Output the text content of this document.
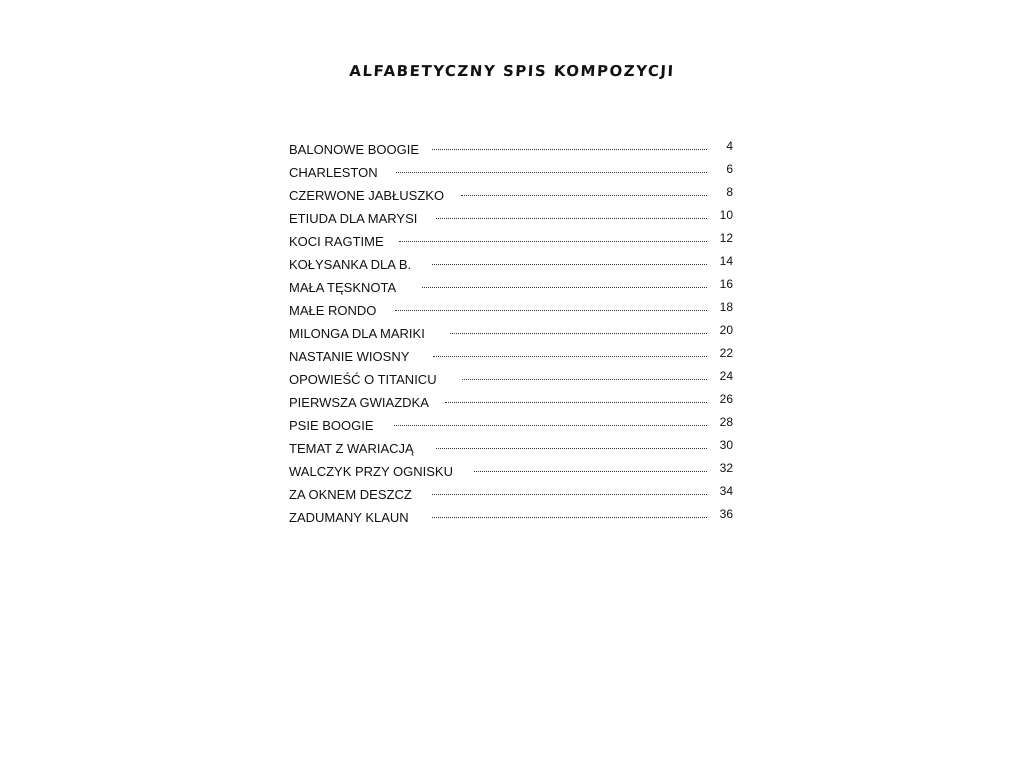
ALFABETYCZNY SPIS KOMPOZYCJI
BALONOWE BOOGIE	4
CHARLESTON	6
CZERWONE JABŁUSZKO	8
ETIUDA DLA MARYSI	10
KOCI RAGTIME	12
KOŁYSANKA DLA B.	14
MAŁA TĘSKNOTA	16
MAŁE RONDO	18
MILONGA DLA MARIKI	20
NASTANIE WIOSNY	22
OPOWIEŚĆ O TITANICU	24
PIERWSZA GWIAZDKA	26
PSIE BOOGIE	28
TEMAT Z WARIACJĄ	30
WALCZYK PRZY OGNISKU	32
ZA OKNEM DESZCZ	34
ZADUMANY KLAUN	36
